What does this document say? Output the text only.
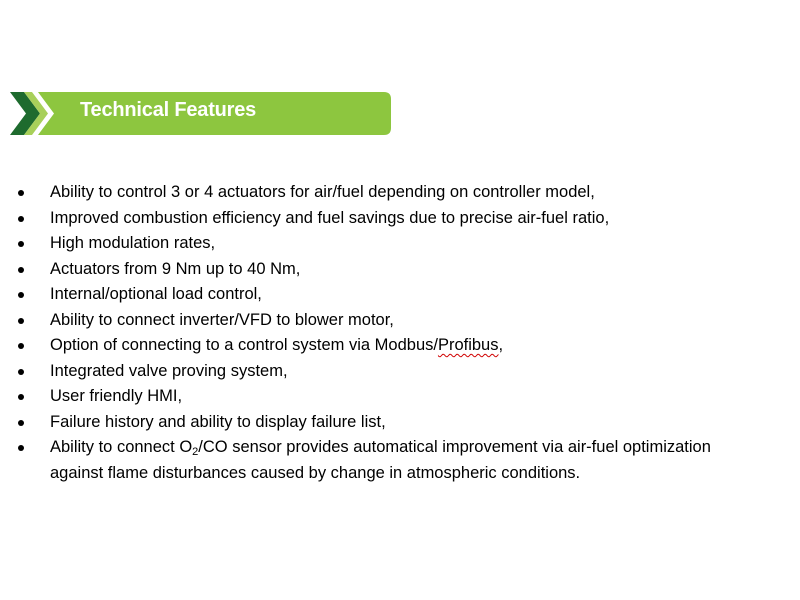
Technical Features
Ability to control 3 or 4 actuators for air/fuel depending on controller model,
Improved combustion efficiency and fuel savings due to precise air-fuel ratio,
High modulation rates,
Actuators from 9 Nm up to 40 Nm,
Internal/optional load control,
Ability to connect inverter/VFD to blower motor,
Option of connecting to a control system via Modbus/Profibus,
Integrated valve proving system,
User friendly HMI,
Failure history and ability to display failure list,
Ability to connect $O_2/CO$ sensor provides automatical improvement via air-fuel optimization against flame disturbances caused by change in atmospheric conditions.
